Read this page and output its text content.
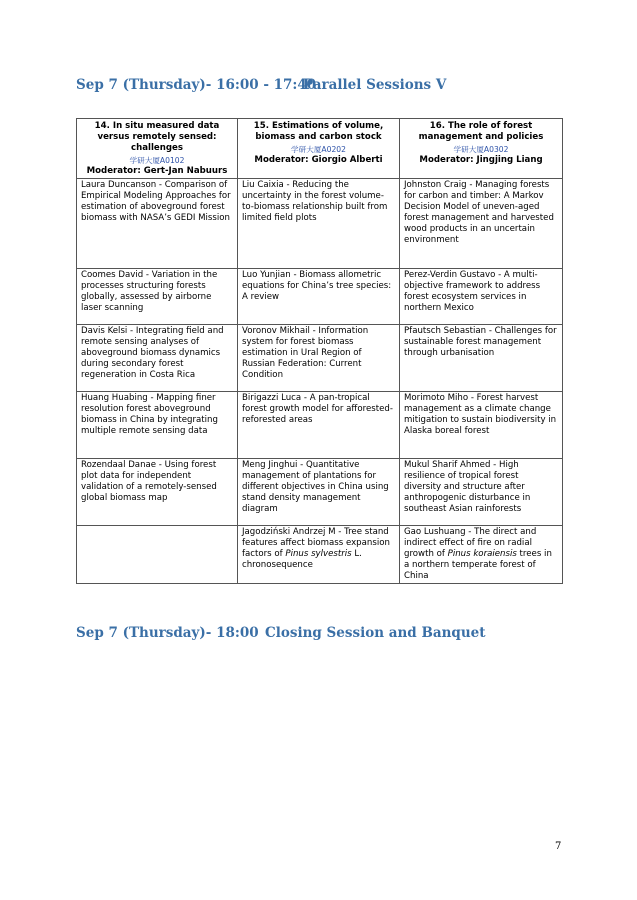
Sep 7 (Thursday)- 16:00 - 17:40
Parallel Sessions V
14. In situ measured data versus remotely sensed: challenges
学研大厦A0102
Moderator: Gert-Jan Nabuurs	15. Estimations of volume, biomass and carbon stock
学研大厦A0202
Moderator: Giorgio Alberti	16. The role of forest management and policies
学研大厦A0302
Moderator: Jingjing Liang

Laura Duncanson - Comparison of Empirical Modeling Approaches for estimation of aboveground forest biomass with NASA’s GEDI Mission	Liu Caixia - Reducing the uncertainty in the forest volume-to-biomass relationship built from limited field plots	Johnston Craig - Managing forests for carbon and timber: A Markov Decision Model of uneven-aged forest management and harvested wood products in an uncertain environment
Coomes David - Variation in the processes structuring forests globally, assessed by airborne laser scanning	Luo Yunjian - Biomass allometric equations for China’s tree species: A review	Perez-Verdin Gustavo - A multi-objective framework to address forest ecosystem services in northern Mexico
Davis Kelsi - Integrating field and remote sensing analyses of aboveground biomass dynamics during secondary forest regeneration in Costa Rica	Voronov Mikhail - Information system for forest biomass estimation in Ural Region of Russian Federation: Current Condition	Pfautsch Sebastian - Challenges for sustainable forest management through urbanisation
Huang Huabing - Mapping finer resolution forest aboveground biomass in China by integrating multiple remote sensing data	Birigazzi Luca - A pan-tropical forest growth model for afforested-reforested areas	Morimoto Miho - Forest harvest management as a climate change mitigation to sustain biodiversity in Alaska boreal forest
Rozendaal Danae - Using forest plot data for independent validation of a remotely-sensed global biomass map	Meng Jinghui - Quantitative management of plantations for different objectives in China using stand density management diagram	Mukul Sharif Ahmed - High resilience of tropical forest diversity and structure after anthropogenic disturbance in southeast Asian rainforests
	Jagodziński Andrzej M - Tree stand features affect biomass expansion factors of Pinus sylvestris L. chronosequence	Gao Lushuang - The direct and indirect effect of fire on radial growth of Pinus koraiensis trees in a northern temperate forest of China
Sep 7 (Thursday)- 18:00 Closing Session and Banquet
7
